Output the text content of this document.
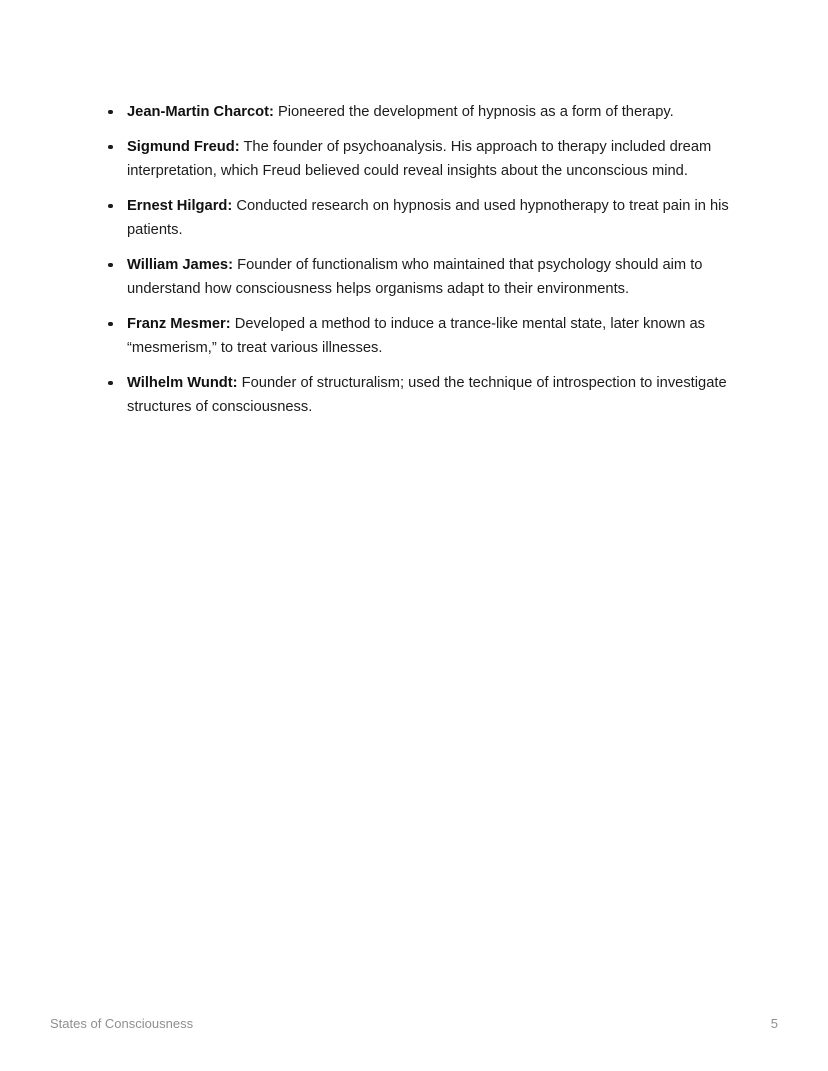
Jean-Martin Charcot: Pioneered the development of hypnosis as a form of therapy.
Sigmund Freud: The founder of psychoanalysis. His approach to therapy included dream interpretation, which Freud believed could reveal insights about the unconscious mind.
Ernest Hilgard: Conducted research on hypnosis and used hypnotherapy to treat pain in his patients.
William James: Founder of functionalism who maintained that psychology should aim to understand how consciousness helps organisms adapt to their environments.
Franz Mesmer: Developed a method to induce a trance-like mental state, later known as “mesmerism,” to treat various illnesses.
Wilhelm Wundt: Founder of structuralism; used the technique of introspection to investigate structures of consciousness.
States of Consciousness	5
